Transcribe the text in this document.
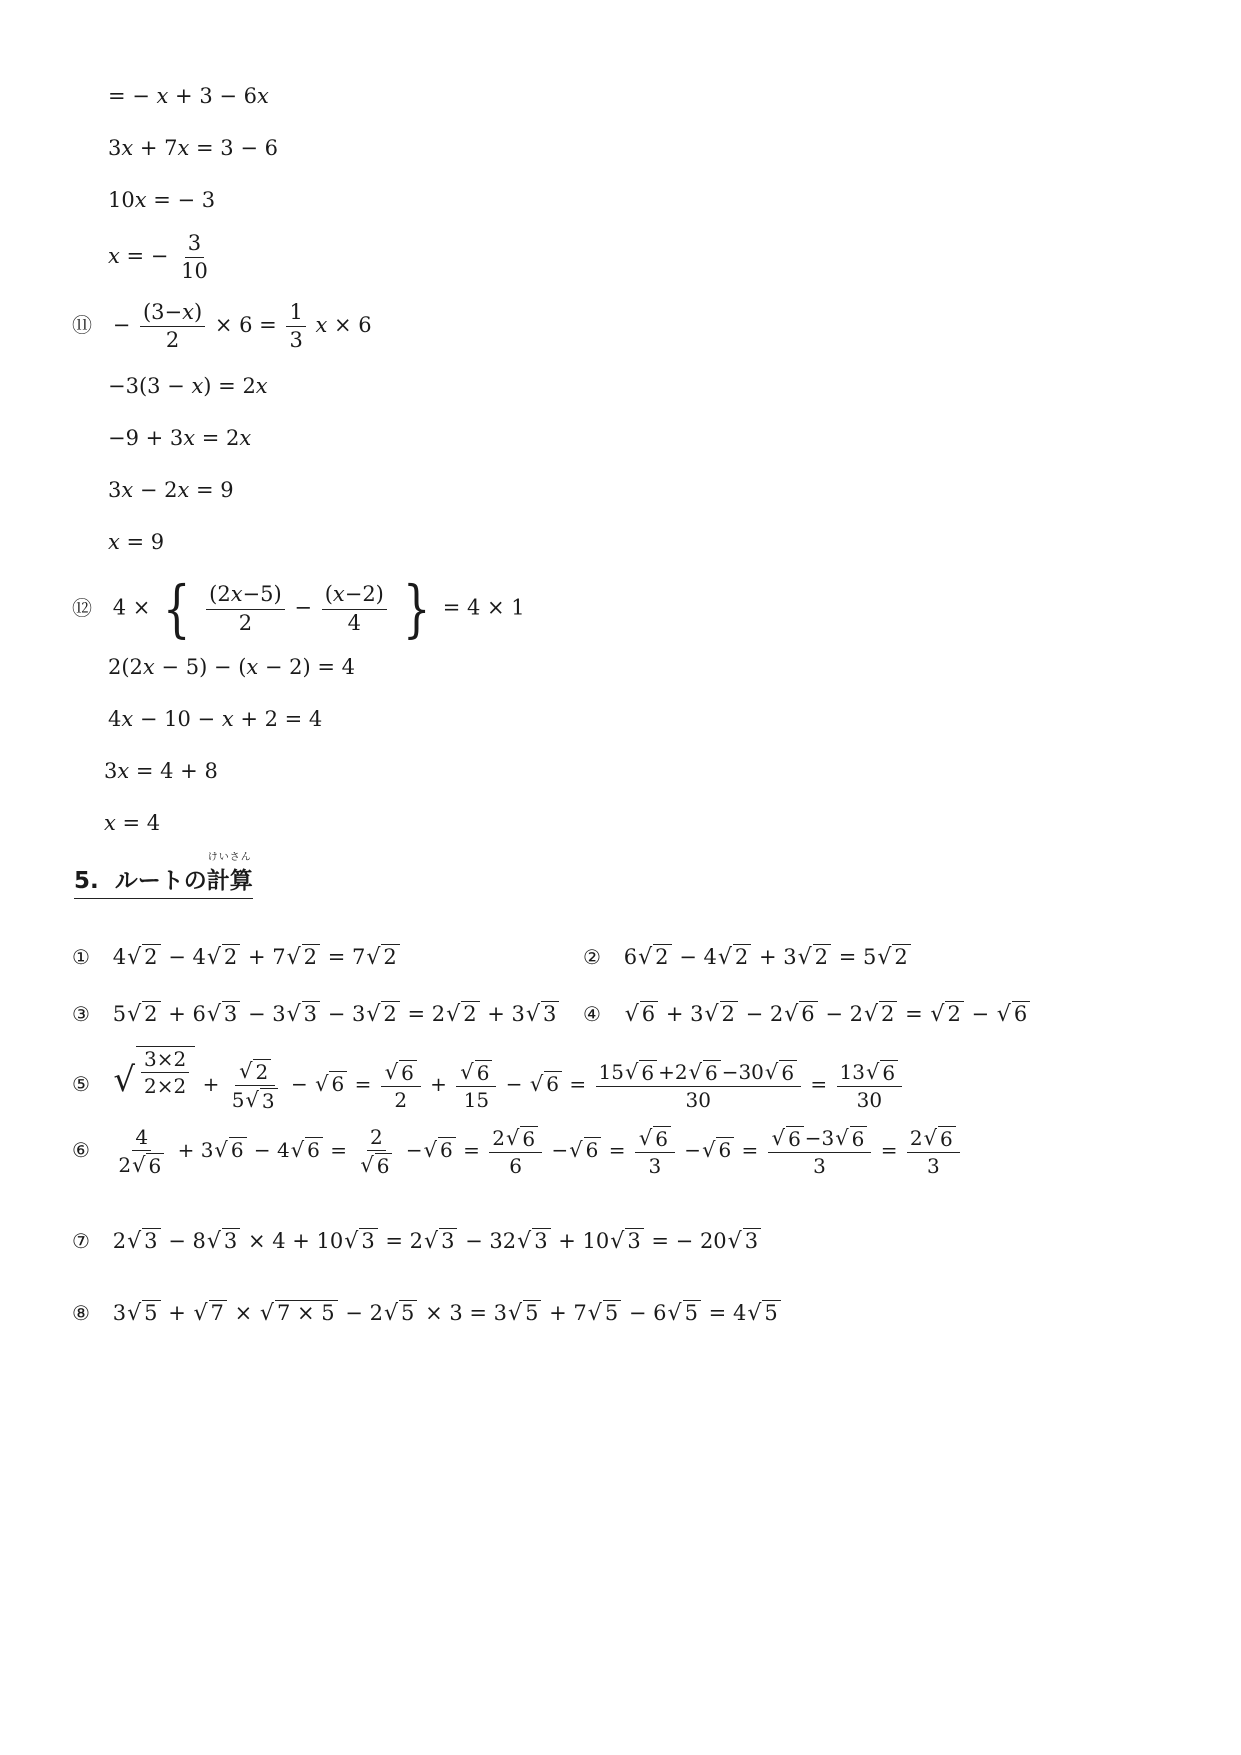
= − 𝑥 + 3 − 6𝑥
3𝑥 + 7𝑥 = 3 − 6
10𝑥 = − 3
𝑥 = − $\frac{3}{10}$
⑪ − $\frac{\text{(3−𝑥)}}{2} \times 6 = \frac{1}{3}$ 𝑥 × 6
−3(3 − 𝑥) = 2𝑥
−9 + 3𝑥 = 2𝑥
3𝑥 − 2𝑥 = 9
𝑥 = 9
⑫ 4 × { $\frac{\text{(2𝑥−5)}}{2} - \frac{\text{(𝑥−2)}}{4}$ } = 4 × 1
2(2𝑥 − 5) − (𝑥 − 2) = 4
4𝑥 − 10 − 𝑥 + 2 = 4
3𝑥 = 4 + 8
𝑥 = 4
5. ルートの
けいさん
計算
① 4 √ 2 − 4 √ 2 + 7 √ 2 = 7 √ 2	② 6 √ 2 − 4 √ 2 + 3 √ 2 = 5 √ 2
③ 5 √ 2 + 6 √ 3 − 3 √ 3 − 3 √ 2 = 2 √ 2 + 3 √ 3 ④ √ 6 + 3 √ 2 − 2 √ 6 − 2 √ 2 = √ 2 − √ 6
⑤ √ $\frac{3\times 2}{2\times 2} + \frac{√ 2}{5 √ 3}$ − √ $6 = \frac{√ 6}{2} + \frac{√ 6}{15}$ − √ $6 = \frac{15 √ 6 +2 √ 6 -30 √ 6}{30} = \frac{13 √ 6}{30}$
⑥ $\frac{4}{2 √ 6} + 3$ √ 6 − 4 √ $6 = \frac{2}{√ 6}$ − √ $6 = \frac{2 √ 6}{6}$ − √ $6 = \frac{√ 6}{3}$ − √ $6 = \frac{√ 6 -3 √ 6}{3} = \frac{2 √ 6}{3}$
⑦ 2 √ 3 − 8 √ 3 × 4 + 10 √ 3 = 2 √ 3 − 32 √ 3 + 10 √ 3 = − 20 √ 3
⑧ 3 √ 5 + √ 7 × √ 7 × 5 − 2 √ 5 × 3 = 3 √ 5 + 7 √ 5 − 6 √ 5 = 4 √ 5
